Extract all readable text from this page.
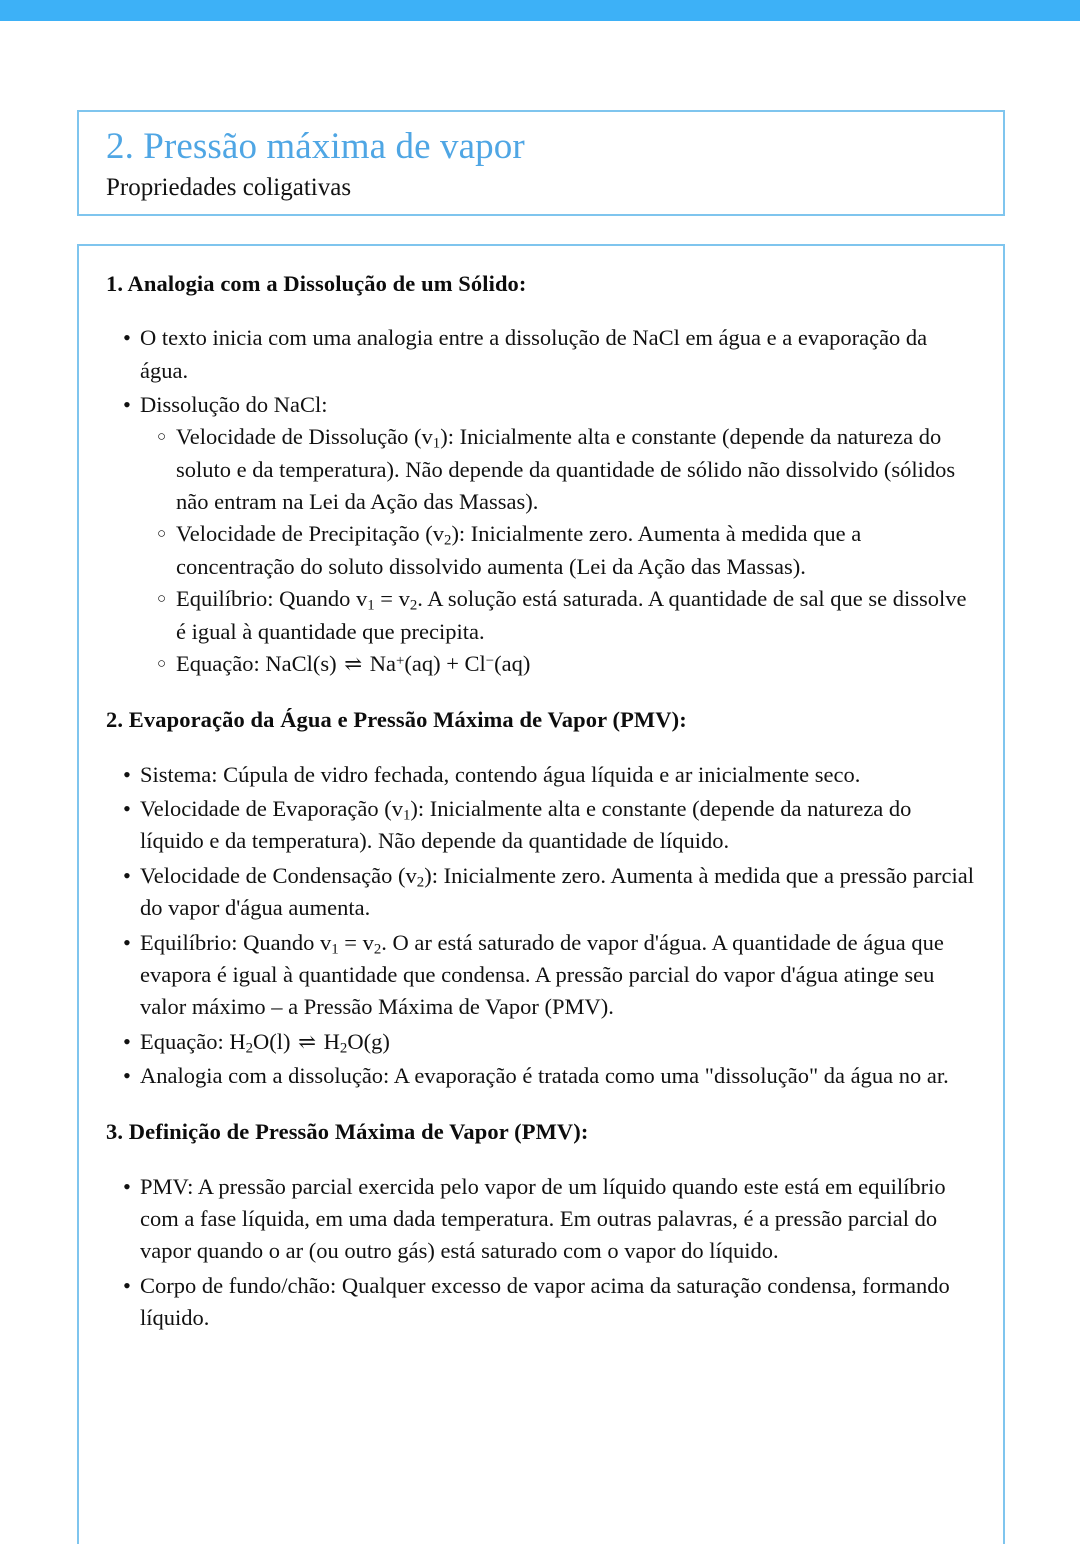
2. Pressão máxima de vapor
Propriedades coligativas
1. Analogia com a Dissolução de um Sólido:
• O texto inicia com uma analogia entre a dissolução de NaCl em água e a evaporação da água.
• Dissolução do NaCl:
○ Velocidade de Dissolução $(v_1)$: Inicialmente alta e constante (depende da natureza do soluto e da temperatura). Não depende da quantidade de sólido não dissolvido (sólidos não entram na Lei da Ação das Massas).
○ Velocidade de Precipitação $(v_2)$: Inicialmente zero. Aumenta à medida que a concentração do soluto dissolvido aumenta (Lei da Ação das Massas).
○ Equilíbrio: Quando $v_1 = v_2$. A solução está saturada. A quantidade de sal que se dissolve é igual à quantidade que precipita.
○ Equação: NaCl(s) ⇌ Na+(aq) + Cl−(aq)
2. Evaporação da Água e Pressão Máxima de Vapor (PMV):
• Sistema: Cúpula de vidro fechada, contendo água líquida e ar inicialmente seco.
• Velocidade de Evaporação $(v_1)$: Inicialmente alta e constante (depende da natureza do líquido e da temperatura). Não depende da quantidade de líquido.
• Velocidade de Condensação $(v_2)$: Inicialmente zero. Aumenta à medida que a pressão parcial do vapor d'água aumenta.
• Equilíbrio: Quando $v_1 = v_2$. O ar está saturado de vapor d'água. A quantidade de água que evapora é igual à quantidade que condensa. A pressão parcial do vapor d'água atinge seu valor máximo – a Pressão Máxima de Vapor (PMV).
• Equação: $H_2O(l)$ ⇌ $H_2O(g)$
• Analogia com a dissolução: A evaporação é tratada como uma "dissolução" da água no ar.
3. Definição de Pressão Máxima de Vapor (PMV):
• PMV: A pressão parcial exercida pelo vapor de um líquido quando este está em equilíbrio com a fase líquida, em uma dada temperatura. Em outras palavras, é a pressão parcial do vapor quando o ar (ou outro gás) está saturado com o vapor do líquido.
• Corpo de fundo/chão: Qualquer excesso de vapor acima da saturação condensa, formando líquido.
